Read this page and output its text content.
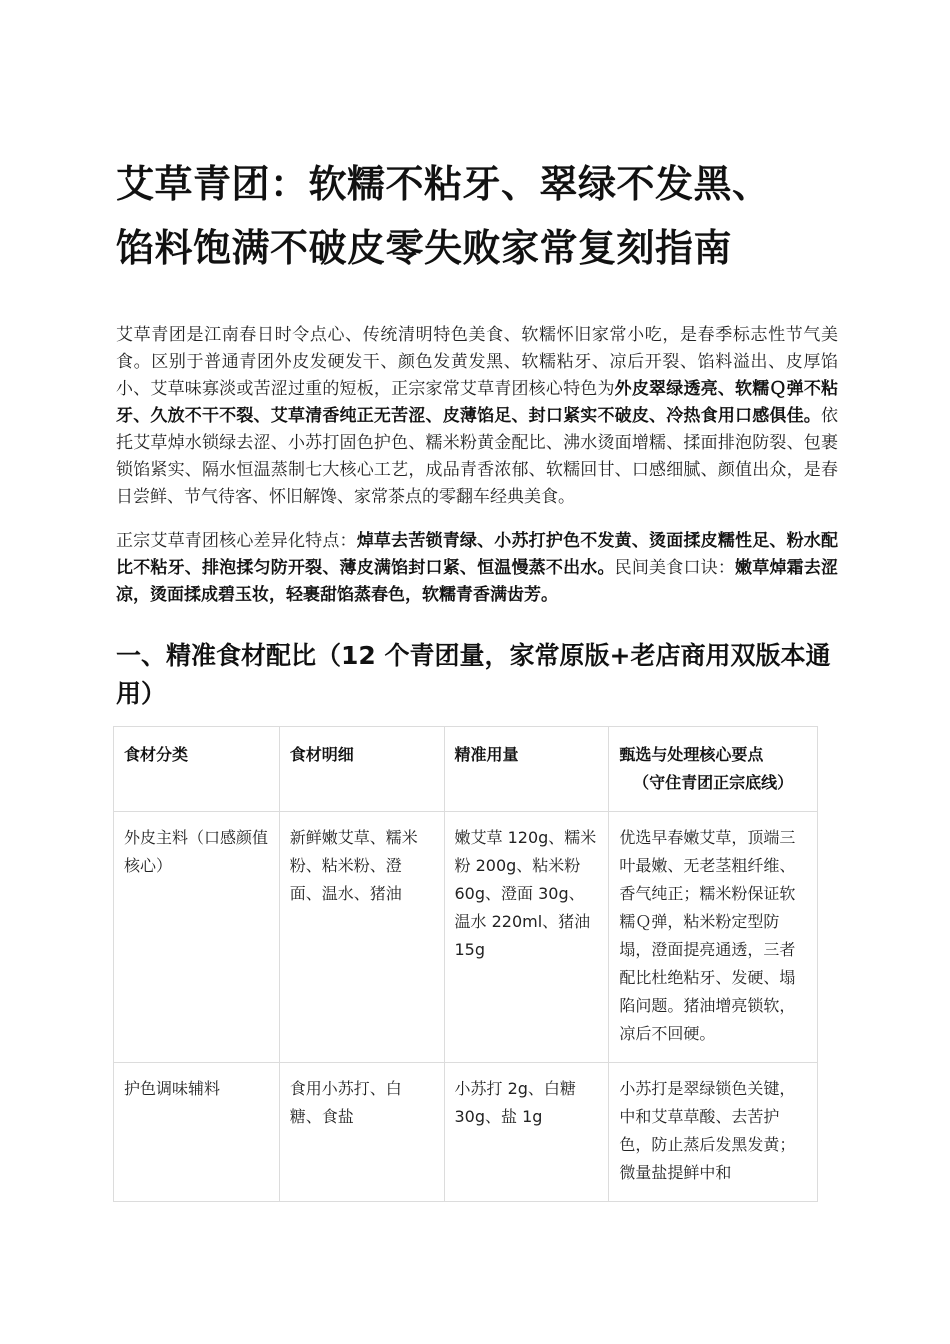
艾草青团：软糯不粘牙、翠绿不发黑、
馅料饱满不破皮零失败家常复刻指南

艾草青团是江南春日时令点心、传统清明特色美食、软糯怀旧家常小吃，是春季标志性节气美食。区别于普通青团外皮发硬发干、颜色发黄发黑、软糯粘牙、凉后开裂、馅料溢出、皮厚馅小、艾草味寡淡或苦涩过重的短板，正宗家常艾草青团核心特色为外皮翠绿透亮、软糯Ｑ弹不粘牙、久放不干不裂、艾草清香纯正无苦涩、皮薄馅足、封口紧实不破皮、冷热食用口感俱佳。依托艾草焯水锁绿去涩、小苏打固色护色、糯米粉黄金配比、沸水烫面增糯、揉面排泡防裂、包裹锁馅紧实、隔水恒温蒸制七大核心工艺，成品青香浓郁、软糯回甘、口感细腻、颜值出众，是春日尝鲜、节气待客、怀旧解馋、家常茶点的零翻车经典美食。

正宗艾草青团核心差异化特点：焯草去苦锁青绿、小苏打护色不发黄、烫面揉皮糯性足、粉水配比不粘牙、排泡揉匀防开裂、薄皮满馅封口紧、恒温慢蒸不出水。民间美食口诀：嫩草焯霜去涩凉，烫面揉成碧玉妆，轻裹甜馅蒸春色，软糯青香满齿芳。

一、精准食材配比（12 个青团量，家常原版+老店商用双版本通用）
食材分类	食材明细	精准用量	甄选与处理核心要点
（守住青团正宗底线）

外皮主料（口感颜值核心）	新鲜嫩艾草、糯米粉、粘米粉、澄面、温水、猪油	嫩艾草 120g、糯米粉 200g、粘米粉 60g、澄面 30g、温水 220ml、猪油 15g	优选早春嫩艾草，顶端三叶最嫩、无老茎粗纤维、香气纯正；糯米粉保证软糯Ｑ弹，粘米粉定型防塌，澄面提亮通透，三者配比杜绝粘牙、发硬、塌陷问题。猪油增亮锁软，凉后不回硬。
护色调味辅料	食用小苏打、白糖、食盐	小苏打 2g、白糖 30g、盐 1g	小苏打是翠绿锁色关键，中和艾草草酸、去苦护色，防止蒸后发黑发黄；微量盐提鲜中和
